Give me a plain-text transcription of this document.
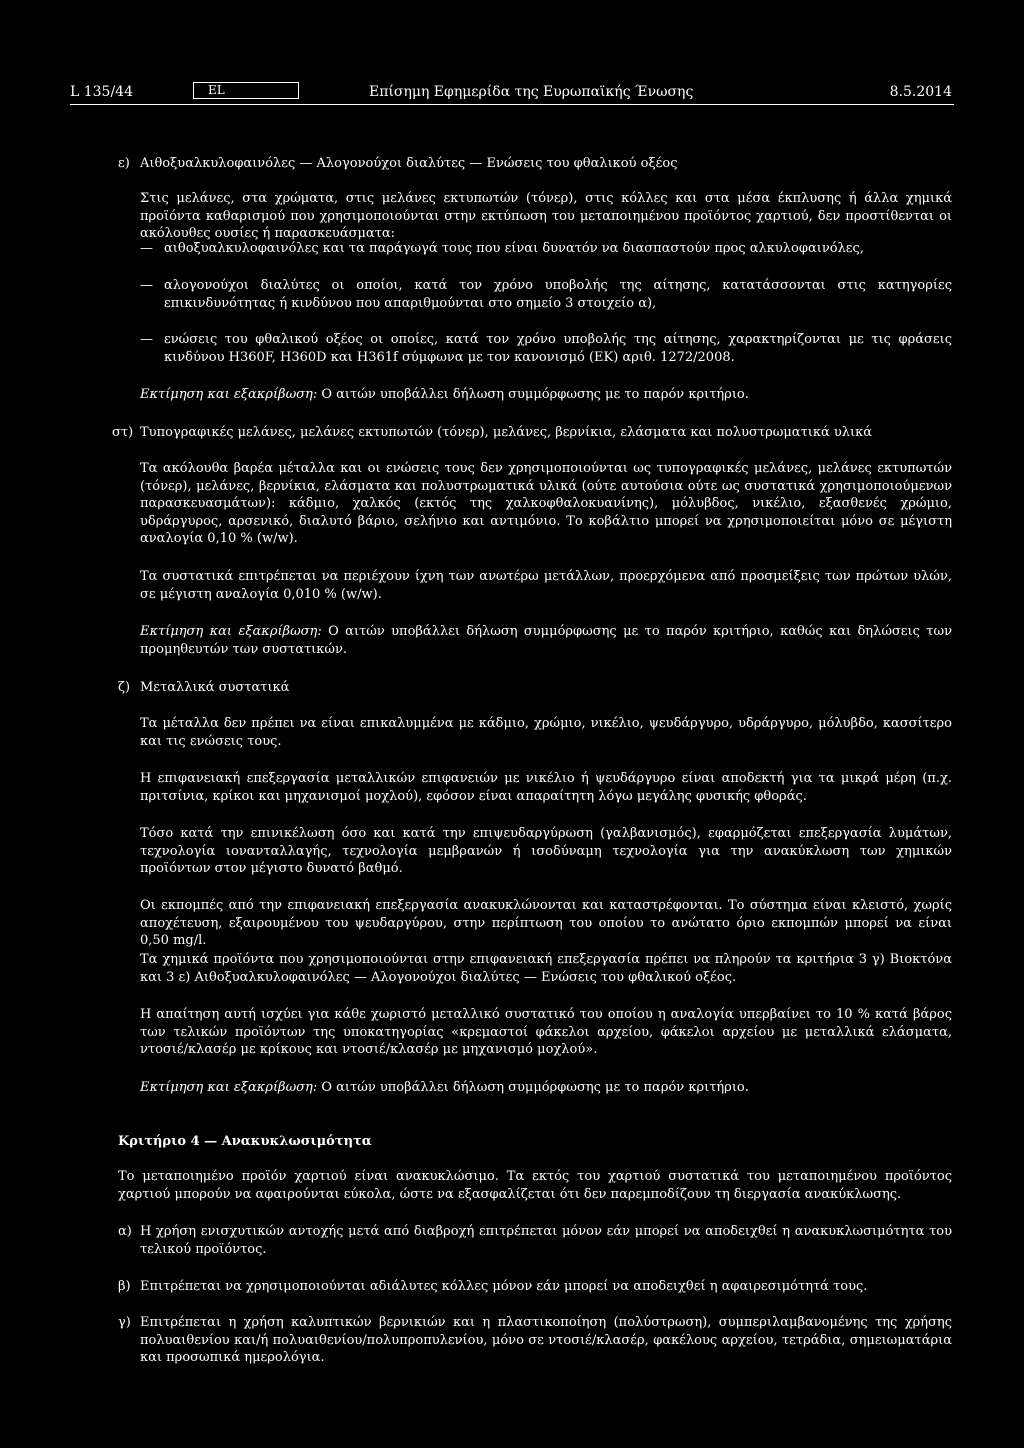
L 135/44	EL	Επίσημη Εφημερίδα της Ευρωπαϊκής Ένωσης	8.5.2014

ε) Αιθοξυαλκυλοφαινόλες — Αλογονούχοι διαλύτες — Ενώσεις του φθαλικού οξέος

Στις μελάνες, στα χρώματα, στις μελάνες εκτυπωτών (τόνερ), στις κόλλες και στα μέσα έκπλυσης ή άλλα χημικά προϊόντα καθαρισμού που χρησιμοποιούνται στην εκτύπωση του μεταποιημένου προϊόντος χαρτιού, δεν προστίθενται οι ακόλουθες ουσίες ή παρασκευάσματα:

— αιθοξυαλκυλοφαινόλες και τα παράγωγά τους που είναι δυνατόν να διασπαστούν προς αλκυλοφαινόλες,

— αλογονούχοι διαλύτες οι οποίοι, κατά τον χρόνο υποβολής της αίτησης, κατατάσσονται στις κατηγορίες επικινδυνότητας ή κινδύνου που απαριθμούνται στο σημείο 3 στοιχείο α),

— ενώσεις του φθαλικού οξέος οι οποίες, κατά τον χρόνο υποβολής της αίτησης, χαρακτηρίζονται με τις φράσεις κινδύνου H360F, H360D και H361f σύμφωνα με τον κανονισμό (ΕΚ) αριθ. 1272/2008.

Εκτίμηση και εξακρίβωση: Ο αιτών υποβάλλει δήλωση συμμόρφωσης με το παρόν κριτήριο.

στ) Τυπογραφικές μελάνες, μελάνες εκτυπωτών (τόνερ), μελάνες, βερνίκια, ελάσματα και πολυστρωματικά υλικά

Τα ακόλουθα βαρέα μέταλλα και οι ενώσεις τους δεν χρησιμοποιούνται ως τυπογραφικές μελάνες, μελάνες εκτυπωτών (τόνερ), μελάνες, βερνίκια, ελάσματα και πολυστρωματικά υλικά (ούτε αυτούσια ούτε ως συστατικά χρησιμοποιούμενων παρασκευασμάτων): κάδμιο, χαλκός (εκτός της χαλκοφθαλοκυανίνης), μόλυβδος, νικέλιο, εξασθενές χρώμιο, υδράργυρος, αρσενικό, διαλυτό βάριο, σελήνιο και αντιμόνιο. Το κοβάλτιο μπορεί να χρησιμοποιείται μόνο σε μέγιστη αναλογία 0,10 % (w/w).

Τα συστατικά επιτρέπεται να περιέχουν ίχνη των ανωτέρω μετάλλων, προερχόμενα από προσμείξεις των πρώτων υλών, σε μέγιστη αναλογία 0,010 % (w/w).

Εκτίμηση και εξακρίβωση: Ο αιτών υποβάλλει δήλωση συμμόρφωσης με το παρόν κριτήριο, καθώς και δηλώσεις των προμηθευτών των συστατικών.

ζ) Μεταλλικά συστατικά

Τα μέταλλα δεν πρέπει να είναι επικαλυμμένα με κάδμιο, χρώμιο, νικέλιο, ψευδάργυρο, υδράργυρο, μόλυβδο, κασσίτερο και τις ενώσεις τους.

Η επιφανειακή επεξεργασία μεταλλικών επιφανειών με νικέλιο ή ψευδάργυρο είναι αποδεκτή για τα μικρά μέρη (π.χ. πριτσίνια, κρίκοι και μηχανισμοί μοχλού), εφόσον είναι απαραίτητη λόγω μεγάλης φυσικής φθοράς.

Τόσο κατά την επινικέλωση όσο και κατά την επιψευδαργύρωση (γαλβανισμός), εφαρμόζεται επεξεργασία λυμάτων, τεχνολογία ιονανταλλαγής, τεχνολογία μεμβρανών ή ισοδύναμη τεχνολογία για την ανακύκλωση των χημικών προϊόντων στον μέγιστο δυνατό βαθμό.

Οι εκπομπές από την επιφανειακή επεξεργασία ανακυκλώνονται και καταστρέφονται. Το σύστημα είναι κλειστό, χωρίς αποχέτευση, εξαιρουμένου του ψευδαργύρου, στην περίπτωση του οποίου το ανώτατο όριο εκπομπών μπορεί να είναι 0,50 mg/l.

Τα χημικά προϊόντα που χρησιμοποιούνται στην επιφανειακή επεξεργασία πρέπει να πληρούν τα κριτήρια 3 γ) Βιοκτόνα και 3 ε) Αιθοξυαλκυλοφαινόλες — Αλογονούχοι διαλύτες — Ενώσεις του φθαλικού οξέος.

Η απαίτηση αυτή ισχύει για κάθε χωριστό μεταλλικό συστατικό του οποίου η αναλογία υπερβαίνει το 10 % κατά βάρος των τελικών προϊόντων της υποκατηγορίας «κρεμαστοί φάκελοι αρχείου, φάκελοι αρχείου με μεταλλικά ελάσματα, ντοσιέ/κλασέρ με κρίκους και ντοσιέ/κλασέρ με μηχανισμό μοχλού».

Εκτίμηση και εξακρίβωση: Ο αιτών υποβάλλει δήλωση συμμόρφωσης με το παρόν κριτήριο.

Κριτήριο 4 — Ανακυκλωσιμότητα

Το μεταποιημένο προϊόν χαρτιού είναι ανακυκλώσιμο. Τα εκτός του χαρτιού συστατικά του μεταποιημένου προϊόντος χαρτιού μπορούν να αφαιρούνται εύκολα, ώστε να εξασφαλίζεται ότι δεν παρεμποδίζουν τη διεργασία ανακύκλωσης.

α) Η χρήση ενισχυτικών αντοχής μετά από διαβροχή επιτρέπεται μόνον εάν μπορεί να αποδειχθεί η ανακυκλωσιμότητα του τελικού προϊόντος.

β) Επιτρέπεται να χρησιμοποιούνται αδιάλυτες κόλλες μόνον εάν μπορεί να αποδειχθεί η αφαιρεσιμότητά τους.

γ) Επιτρέπεται η χρήση καλυπτικών βερνικιών και η πλαστικοποίηση (πολύστρωση), συμπεριλαμβανομένης της χρήσης πολυαιθενίου και/ή πολυαιθενίου/πολυπροπυλενίου, μόνο σε ντοσιέ/κλασέρ, φακέλους αρχείου, τετράδια, σημειωματάρια και προσωπικά ημερολόγια.
